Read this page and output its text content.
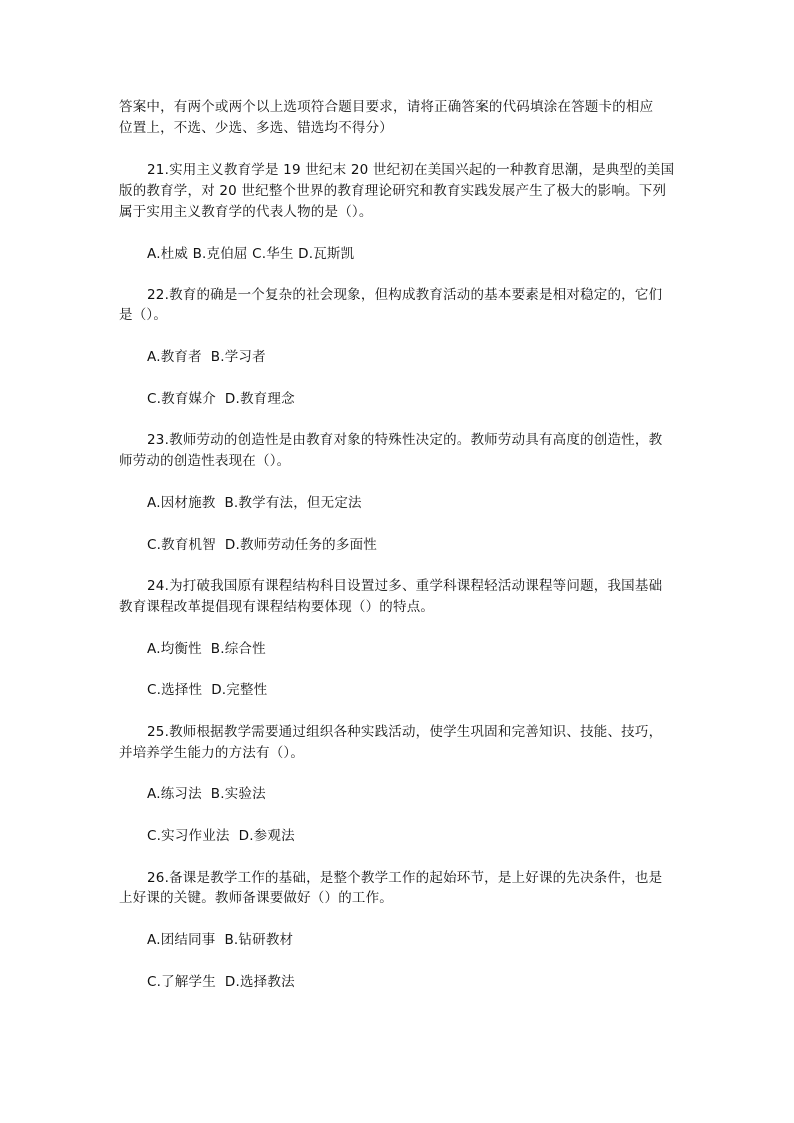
答案中，有两个或两个以上选项符合题目要求，请将正确答案的代码填涂在答题卡的相应
位置上，不选、少选、多选、错选均不得分）
21.实用主义教育学是 19 世纪末 20 世纪初在美国兴起的一种教育思潮，是典型的美国
版的教育学，对 20 世纪整个世界的教育理论研究和教育实践发展产生了极大的影响。下列
属于实用主义教育学的代表人物的是（）。
A.杜威 B.克伯屈 C.华生 D.瓦斯凯
22.教育的确是一个复杂的社会现象，但构成教育活动的基本要素是相对稳定的，它们
是（）。
A.教育者  B.学习者
C.教育媒介  D.教育理念
23.教师劳动的创造性是由教育对象的特殊性决定的。教师劳动具有高度的创造性，教
师劳动的创造性表现在（）。
A.因材施教  B.教学有法，但无定法
C.教育机智  D.教师劳动任务的多面性
24.为打破我国原有课程结构科目设置过多、重学科课程轻活动课程等问题，我国基础
教育课程改革提倡现有课程结构要体现（）的特点。
A.均衡性  B.综合性
C.选择性  D.完整性
25.教师根据教学需要通过组织各种实践活动，使学生巩固和完善知识、技能、技巧，
并培养学生能力的方法有（）。
A.练习法  B.实验法
C.实习作业法  D.参观法
26.备课是教学工作的基础，是整个教学工作的起始环节，是上好课的先决条件，也是
上好课的关键。教师备课要做好（）的工作。
A.团结同事  B.钻研教材
C.了解学生  D.选择教法
